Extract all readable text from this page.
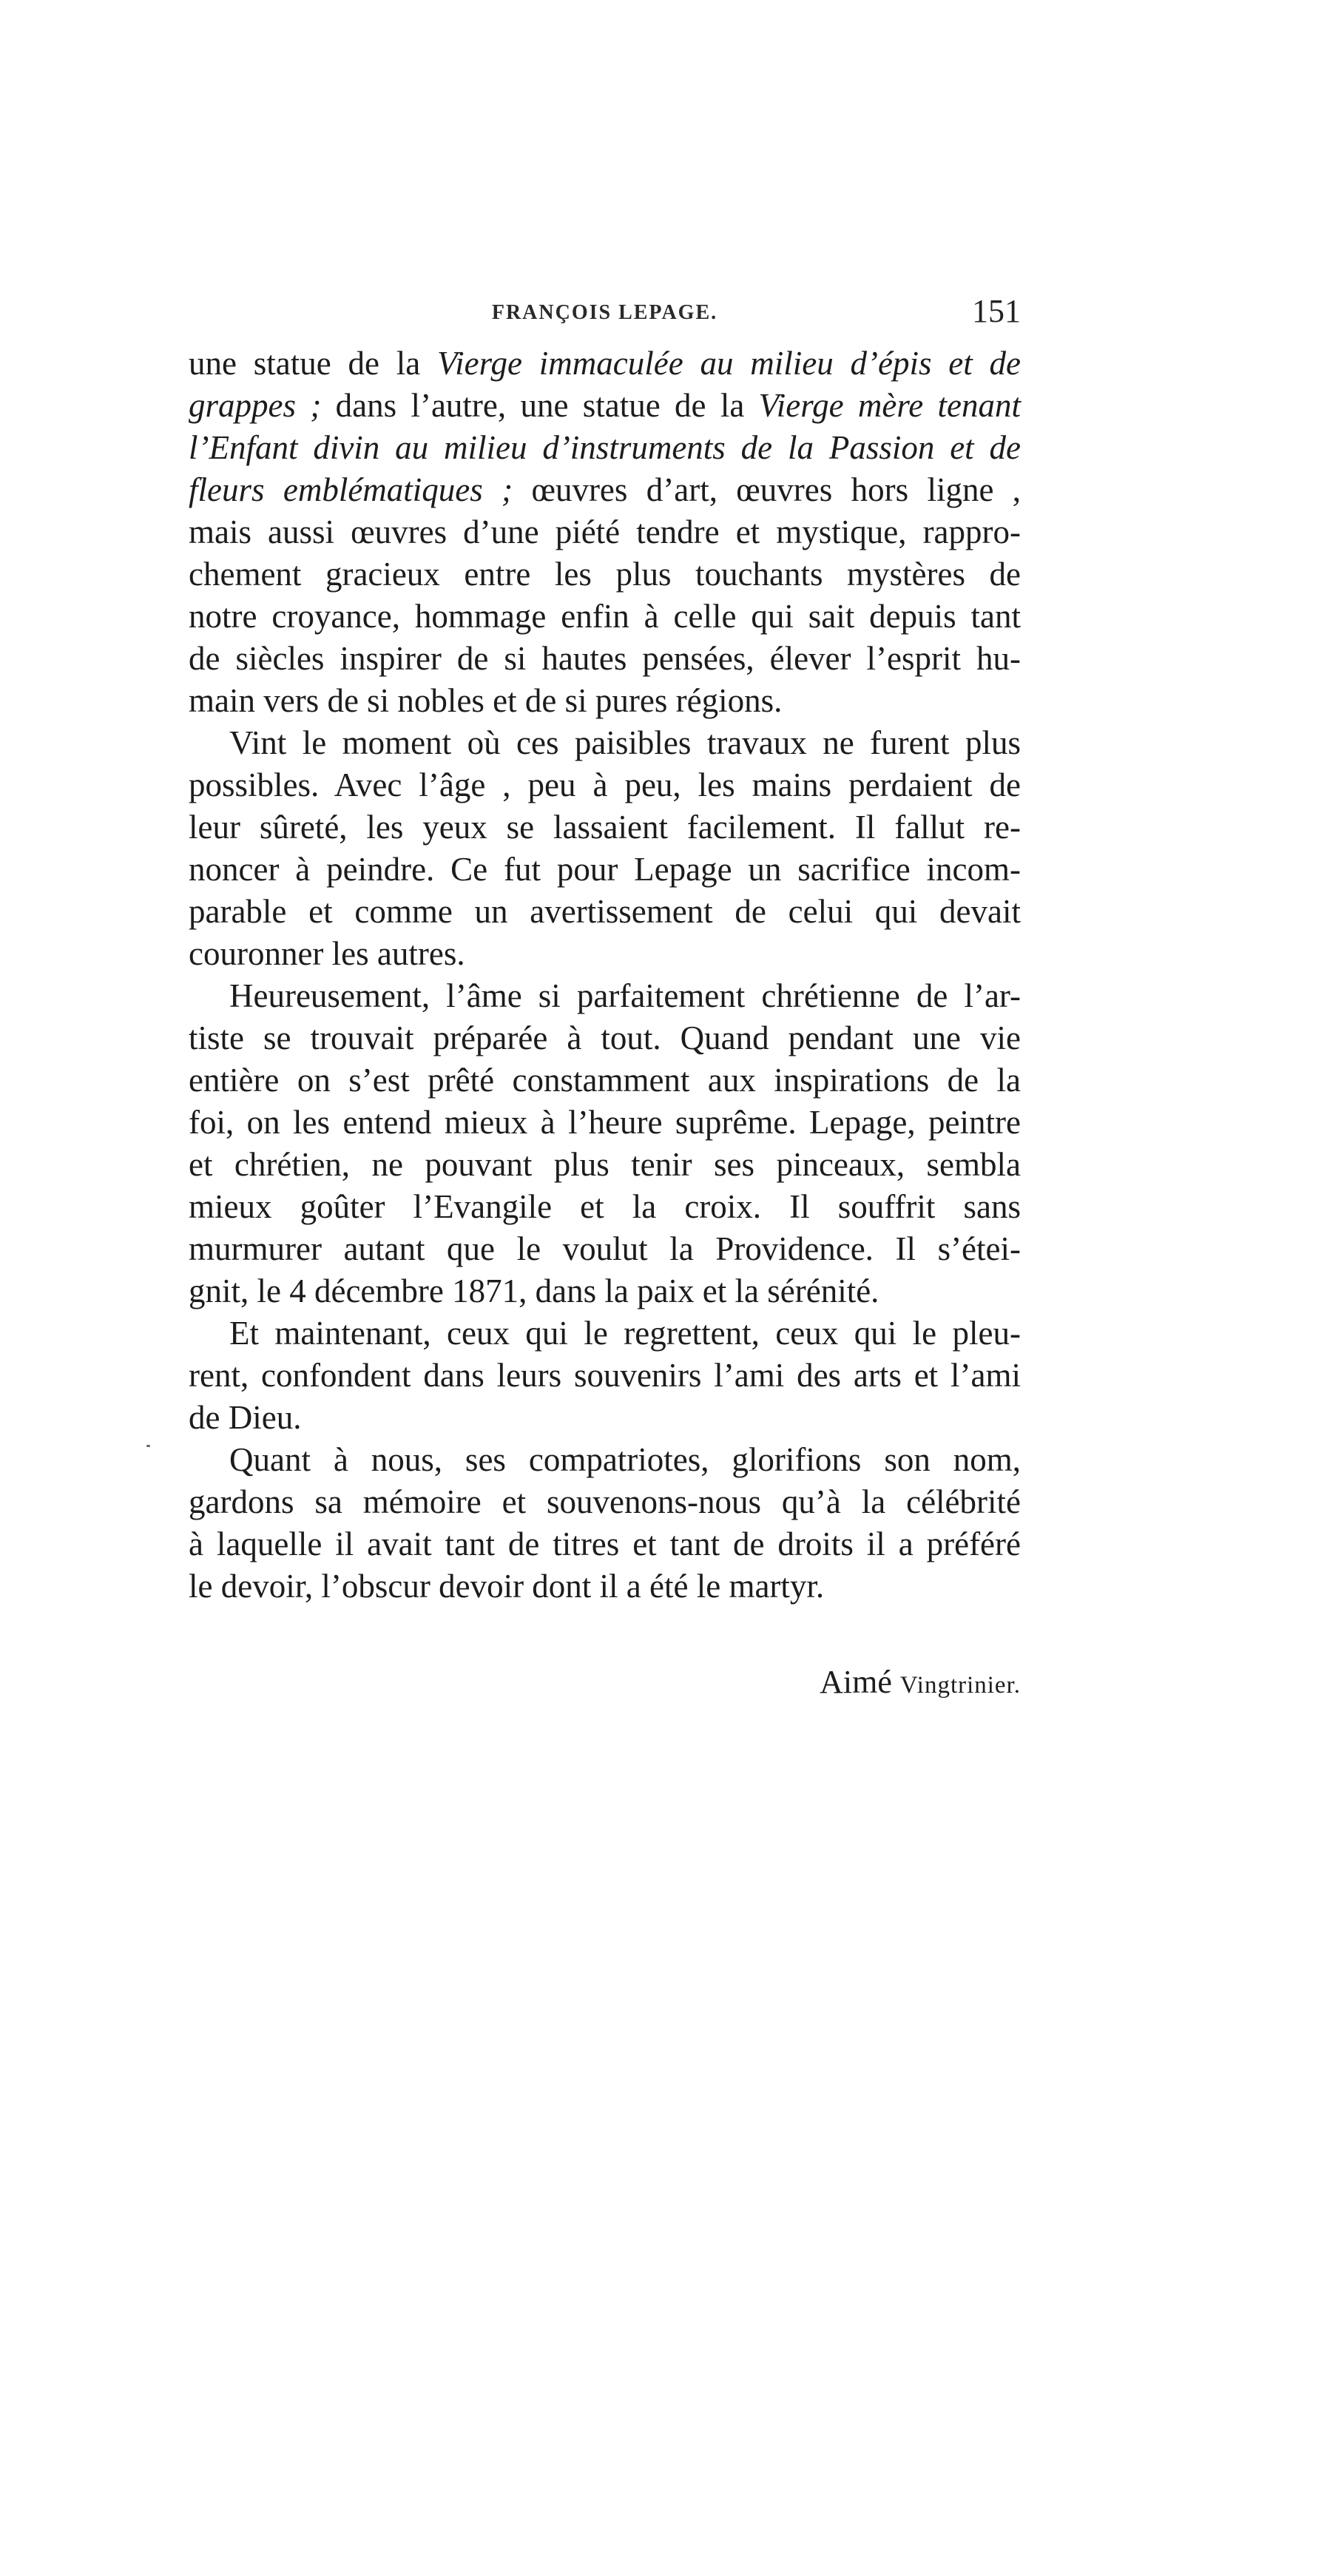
FRANÇOIS LEPAGE.	151
une statue de la Vierge immaculée au milieu d’épis et de
grappes ; dans l’autre, une statue de la Vierge mère tenant
l’Enfant divin au milieu d’instruments de la Passion et de
fleurs emblématiques ; œuvres d’art, œuvres hors ligne ,
mais aussi œuvres d’une piété tendre et mystique, rappro-
chement gracieux entre les plus touchants mystères de
notre croyance, hommage enfin à celle qui sait depuis tant
de siècles inspirer de si hautes pensées, élever l’esprit hu-
main vers de si nobles et de si pures régions.
Vint le moment où ces paisibles travaux ne furent plus
possibles. Avec l’âge , peu à peu, les mains perdaient de
leur sûreté, les yeux se lassaient facilement. Il fallut re-
noncer à peindre. Ce fut pour Lepage un sacrifice incom-
parable et comme un avertissement de celui qui devait
couronner les autres.
Heureusement, l’âme si parfaitement chrétienne de l’ar-
tiste se trouvait préparée à tout. Quand pendant une vie
entière on s’est prêté constamment aux inspirations de la
foi, on les entend mieux à l’heure suprême. Lepage, peintre
et chrétien, ne pouvant plus tenir ses pinceaux, sembla
mieux goûter l’Evangile et la croix. Il souffrit sans
murmurer autant que le voulut la Providence. Il s’étei-
gnit, le 4 décembre 1871, dans la paix et la sérénité.
Et maintenant, ceux qui le regrettent, ceux qui le pleu-
rent, confondent dans leurs souvenirs l’ami des arts et l’ami
de Dieu.
Quant à nous, ses compatriotes, glorifions son nom,
gardons sa mémoire et souvenons-nous qu’à la célébrité
à laquelle il avait tant de titres et tant de droits il a préféré
le devoir, l’obscur devoir dont il a été le martyr.
Aimé Vingtrinier.
